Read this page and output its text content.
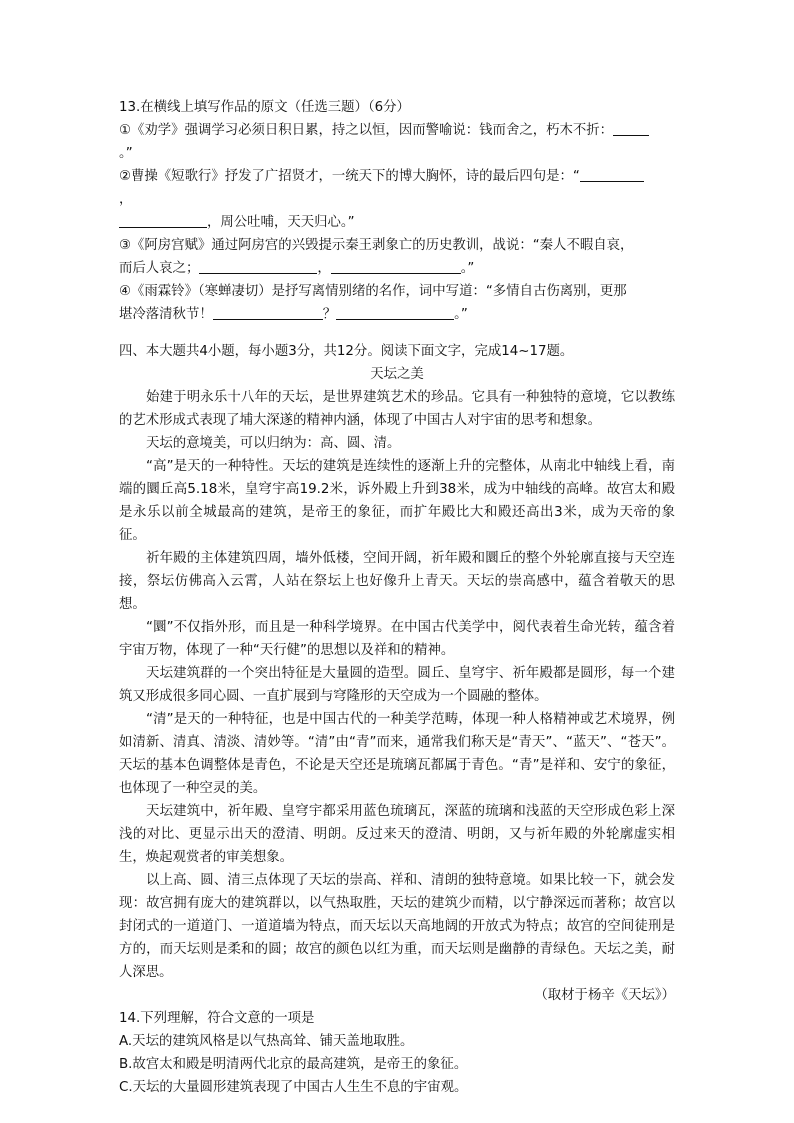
13.在横线上填写作品的原文（任选三题）（6分）
①《劝学》强调学习必须日积日累，持之以恒，因而警喻说：钱而舍之，朽木不折：
。”
②曹操《短歌行》抒发了广招贤才，一统天下的博大胸怀，诗的最后四句是：“
，
，周公吐哺，天天归心。”
③《阿房宫赋》通过阿房宫的兴毁提示秦王剥象亡的历史教训，战说：“秦人不暇自哀，
而后人哀之；	，	。”
④《雨霖铃》（寒蝉凄切）是抒写离情别绪的名作，词中写道：“多情自古伤离别，更那
堪冷落清秋节！	？	。”
四、本大题共4小题，每小题3分，共12分。阅读下面文字，完成14~17题。
天坛之美
始建于明永乐十八年的天坛，是世界建筑艺术的珍品。它具有一种独特的意境，它以教练的艺术形成式表现了埔大深遂的精神内涵，体现了中国古人对宇宙的思考和想象。
天坛的意境美，可以归纳为：高、圆、清。
“高”是天的一种特性。天坛的建筑是连续性的逐渐上升的完整体，从南北中轴线上看，南端的圜丘高5.18米，皇穹宇高19.2米，诉外殿上升到38米，成为中轴线的高峰。故宫太和殿是永乐以前全城最高的建筑，是帝王的象征，而扩年殿比大和殿还高出3米，成为天帝的象征。
祈年殿的主体建筑四周，墙外低楼，空间开阔，祈年殿和圜丘的整个外轮廓直接与天空连接，祭坛仿佛高入云霄，人站在祭坛上也好像升上青天。天坛的崇高感中，蕴含着敬天的思想。
“圜”不仅指外形，而且是一种科学境界。在中国古代美学中，阅代表着生命光转，蕴含着宇宙万物，体现了一种“天行健”的思想以及祥和的精神。
天坛建筑群的一个突出特征是大量圆的造型。圆丘、皇穹宇、祈年殿都是圆形，每一个建筑又形成很多同心圆、一直扩展到与穹隆形的天空成为一个圆融的整体。
“清”是天的一种特征，也是中国古代的一种美学范畴，体现一种人格精神或艺术境界，例如清新、清真、清淡、清妙等。“清”由“青”而来，通常我们称天是“青天”、“蓝天”、“苍天”。天坛的基本色调整体是青色，不论是天空还是琉璃瓦都属于青色。“青”是祥和、安宁的象征，也体现了一种空灵的美。
天坛建筑中，祈年殿、皇穹宇都采用蓝色琉璃瓦，深蓝的琉璃和浅蓝的天空形成色彩上深浅的对比、更显示出天的澄清、明朗。反过来天的澄清、明朗，又与祈年殿的外轮廓虚实相生，焕起观赏者的审美想象。
以上高、圆、清三点体现了天坛的崇高、祥和、清朗的独特意境。如果比较一下，就会发现：故宫拥有庞大的建筑群以，以气热取胜，天坛的建筑少而精，以宁静深远而著称；故宫以封闭式的一道道门、一道道墙为特点，而天坛以天高地阔的开放式为特点；故宫的空间徒刑是方的，而天坛则是柔和的圆；故宫的颜色以红为重，而天坛则是幽静的青绿色。天坛之美，耐人深思。
（取材于杨辛《天坛》）
14.下列理解，符合文意的一项是
A.天坛的建筑风格是以气热高耸、铺天盖地取胜。
B.故宫太和殿是明清两代北京的最高建筑，是帝王的象征。
C.天坛的大量圆形建筑表现了中国古人生生不息的宇宙观。
